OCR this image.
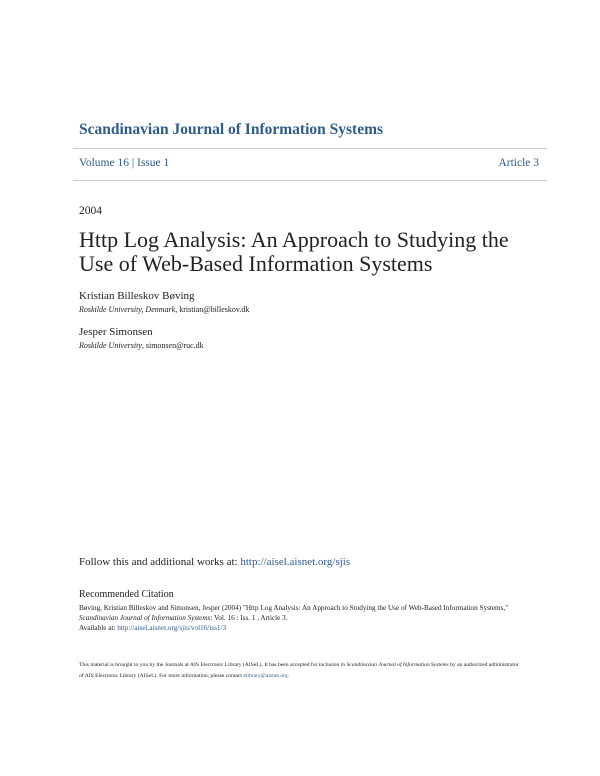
Scandinavian Journal of Information Systems
Volume 16 | Issue 1	Article 3
2004
Http Log Analysis: An Approach to Studying the Use of Web-Based Information Systems
Kristian Billeskov Bøving
Roskilde University, Denmark, kristian@billeskov.dk
Jesper Simonsen
Roskilde University, simonsen@ruc.dk
Follow this and additional works at: http://aisel.aisnet.org/sjis
Recommended Citation
Bøving, Kristian Billeskov and Simonsen, Jesper (2004) "Http Log Analysis: An Approach to Studying the Use of Web-Based Information Systems," Scandinavian Journal of Information Systems: Vol. 16 : Iss. 1 , Article 3.
Available at: http://aisel.aisnet.org/sjis/vol16/iss1/3
This material is brought to you by the Journals at AIS Electronic Library (AISeL). It has been accepted for inclusion in Scandinavian Journal of Information Systems by an authorized administrator of AIS Electronic Library (AISeL). For more information, please contact elibrary@aisnet.org.
